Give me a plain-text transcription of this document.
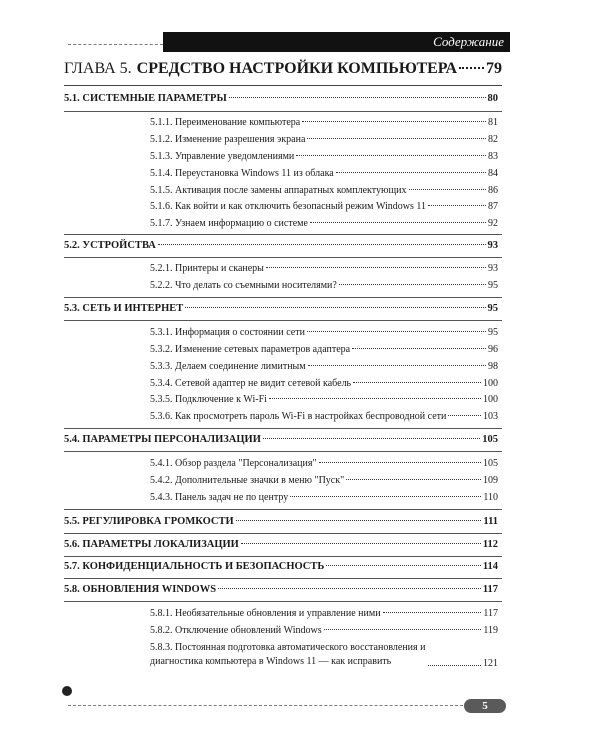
Содержание
ГЛАВА 5. СРЕДСТВО НАСТРОЙКИ КОМПЬЮТЕРА 79
5.1. СИСТЕМНЫЕ ПАРАМЕТРЫ	80
5.1.1. Переименование компьютера	81
5.1.2. Изменение разрешения экрана	82
5.1.3. Управление уведомлениями	83
5.1.4. Переустановка Windows 11 из облака	84
5.1.5. Активация после замены аппаратных комплектующих	86
5.1.6. Как войти и как отключить безопасный режим Windows 11	87
5.1.7. Узнаем информацию о системе	92
5.2. УСТРОЙСТВА	93
5.2.1. Принтеры и сканеры	93
5.2.2. Что делать со съемными носителями?	95
5.3. СЕТЬ И ИНТЕРНЕТ	95
5.3.1. Информация о состоянии сети	95
5.3.2. Изменение сетевых параметров адаптера	96
5.3.3. Делаем соединение лимитным	98
5.3.4. Сетевой адаптер не видит сетевой кабель	100
5.3.5. Подключение к Wi-Fi	100
5.3.6. Как просмотреть пароль Wi-Fi в настройках беспроводной сети	103
5.4. ПАРАМЕТРЫ ПЕРСОНАЛИЗАЦИИ	105
5.4.1. Обзор раздела "Персонализация"	105
5.4.2. Дополнительные значки в меню "Пуск"	109
5.4.3. Панель задач не по центру	110
5.5. РЕГУЛИРОВКА ГРОМКОСТИ	111
5.6. ПАРАМЕТРЫ ЛОКАЛИЗАЦИИ	112
5.7. КОНФИДЕНЦИАЛЬНОСТЬ И БЕЗОПАСНОСТЬ	114
5.8. ОБНОВЛЕНИЯ WINDOWS	117
5.8.1. Необязательные обновления и управление ними	117
5.8.2. Отключение обновлений Windows	119
5.8.3. Постоянная подготовка автоматического восстановления и
диагностика компьютера в Windows 11 — как исправить	121
5
